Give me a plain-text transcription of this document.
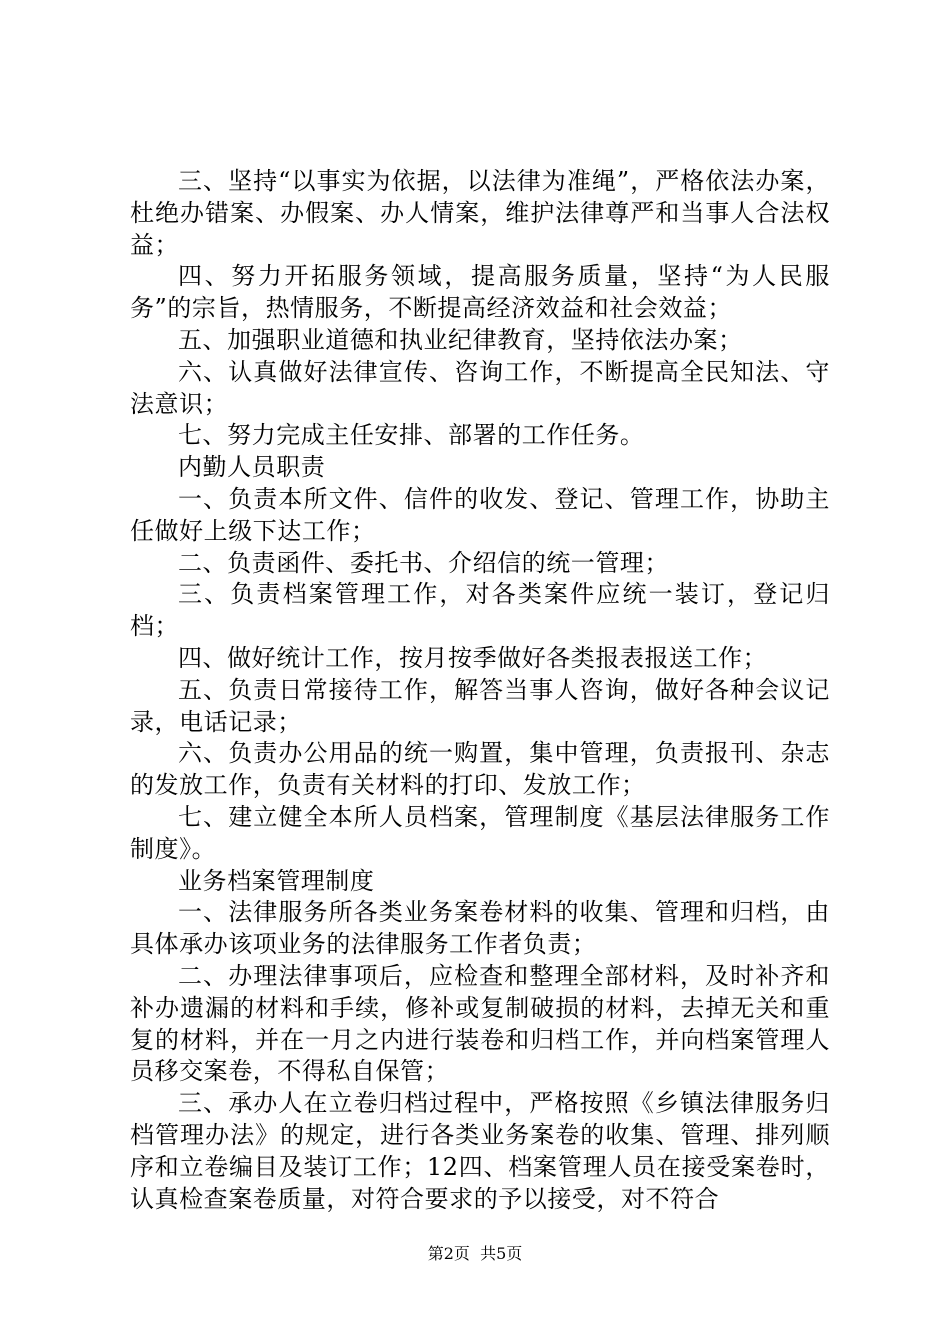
三、坚持“以事实为依据，以法律为准绳”，严格依法办案，杜绝办错案、办假案、办人情案，维护法律尊严和当事人合法权益；

四、努力开拓服务领域，提高服务质量，坚持“为人民服务”的宗旨，热情服务，不断提高经济效益和社会效益；

五、加强职业道德和执业纪律教育，坚持依法办案；

六、认真做好法律宣传、咨询工作，不断提高全民知法、守法意识；

七、努力完成主任安排、部署的工作任务。

内勤人员职责

一、负责本所文件、信件的收发、登记、管理工作，协助主任做好上级下达工作；

二、负责函件、委托书、介绍信的统一管理；

三、负责档案管理工作，对各类案件应统一装订，登记归档；

四、做好统计工作，按月按季做好各类报表报送工作；

五、负责日常接待工作，解答当事人咨询，做好各种会议记录，电话记录；

六、负责办公用品的统一购置，集中管理，负责报刊、杂志的发放工作，负责有关材料的打印、发放工作；

七、建立健全本所人员档案，管理制度《基层法律服务工作制度》。

业务档案管理制度

一、法律服务所各类业务案卷材料的收集、管理和归档，由具体承办该项业务的法律服务工作者负责；

二、办理法律事项后，应检查和整理全部材料，及时补齐和补办遗漏的材料和手续，修补或复制破损的材料，去掉无关和重复的材料，并在一月之内进行装卷和归档工作，并向档案管理人员移交案卷，不得私自保管；

三、承办人在立卷归档过程中，严格按照《乡镇法律服务归档管理办法》的规定，进行各类业务案卷的收集、管理、排列顺序和立卷编目及装订工作；12四、档案管理人员在接受案卷时，认真检查案卷质量，对符合要求的予以接受，对不符合

第2页  共5页
